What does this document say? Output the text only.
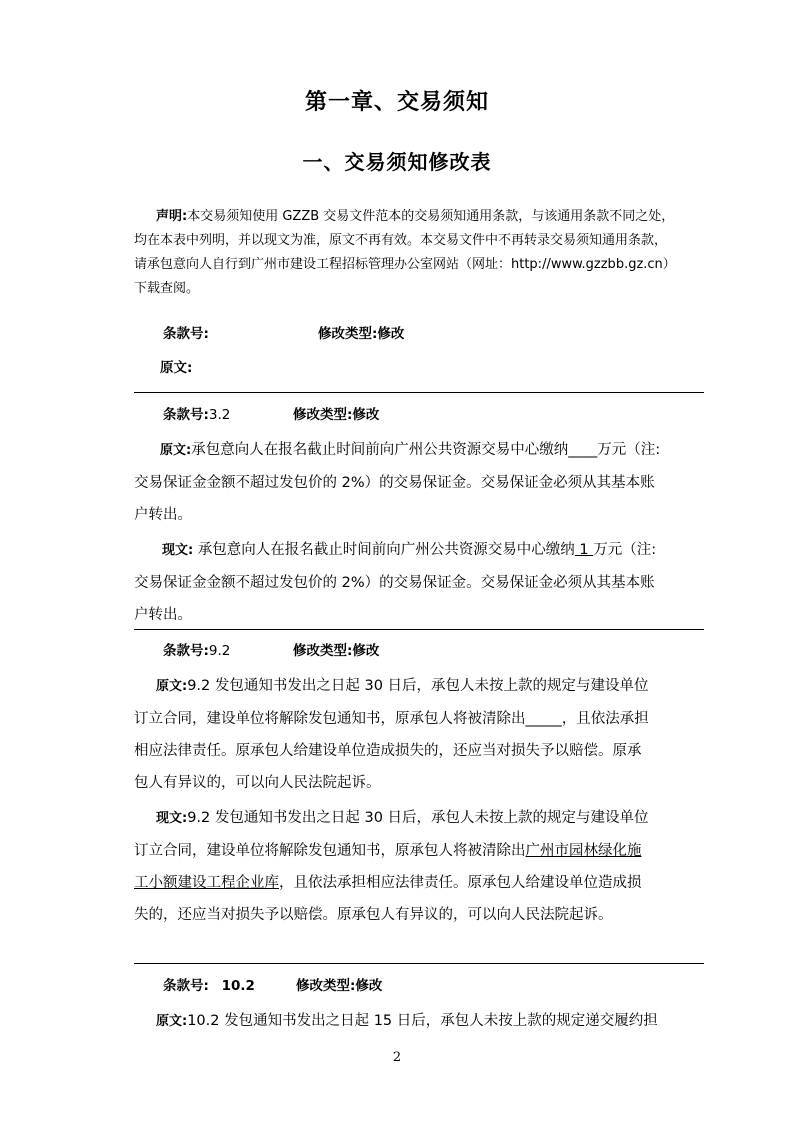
第一章、交易须知
一、交易须知修改表
声明:本交易须知使用 GZZB 交易文件范本的交易须知通用条款，与该通用条款不同之处，
均在本表中列明，并以现文为准，原文不再有效。本交易文件中不再转录交易须知通用条款，
请承包意向人自行到广州市建设工程招标管理办公室网站（网址：http://www.gzzbb.gz.cn）
下载查阅。
条款号:	修改类型:修改
原文:
条款号:3.2	修改类型:修改
原文:承包意向人在报名截止时间前向广州公共资源交易中心缴纳____万元（注:
交易保证金金额不超过发包价的 2%）的交易保证金。交易保证金必须从其基本账
户转出。
现文: 承包意向人在报名截止时间前向广州公共资源交易中心缴纳 1 万元（注:
交易保证金金额不超过发包价的 2%）的交易保证金。交易保证金必须从其基本账
户转出。
条款号:9.2	修改类型:修改
原文:9.2 发包通知书发出之日起 30 日后，承包人未按上款的规定与建设单位
订立合同，建设单位将解除发包通知书，原承包人将被清除出_____，且依法承担
相应法律责任。原承包人给建设单位造成损失的，还应当对损失予以赔偿。原承
包人有异议的，可以向人民法院起诉。
现文:9.2 发包通知书发出之日起 30 日后，承包人未按上款的规定与建设单位
订立合同，建设单位将解除发包通知书，原承包人将被清除出广州市园林绿化施
工小额建设工程企业库，且依法承担相应法律责任。原承包人给建设单位造成损
失的，还应当对损失予以赔偿。原承包人有异议的，可以向人民法院起诉。
条款号: 10.2	修改类型:修改
原文:10.2 发包通知书发出之日起 15 日后，承包人未按上款的规定递交履约担
2
